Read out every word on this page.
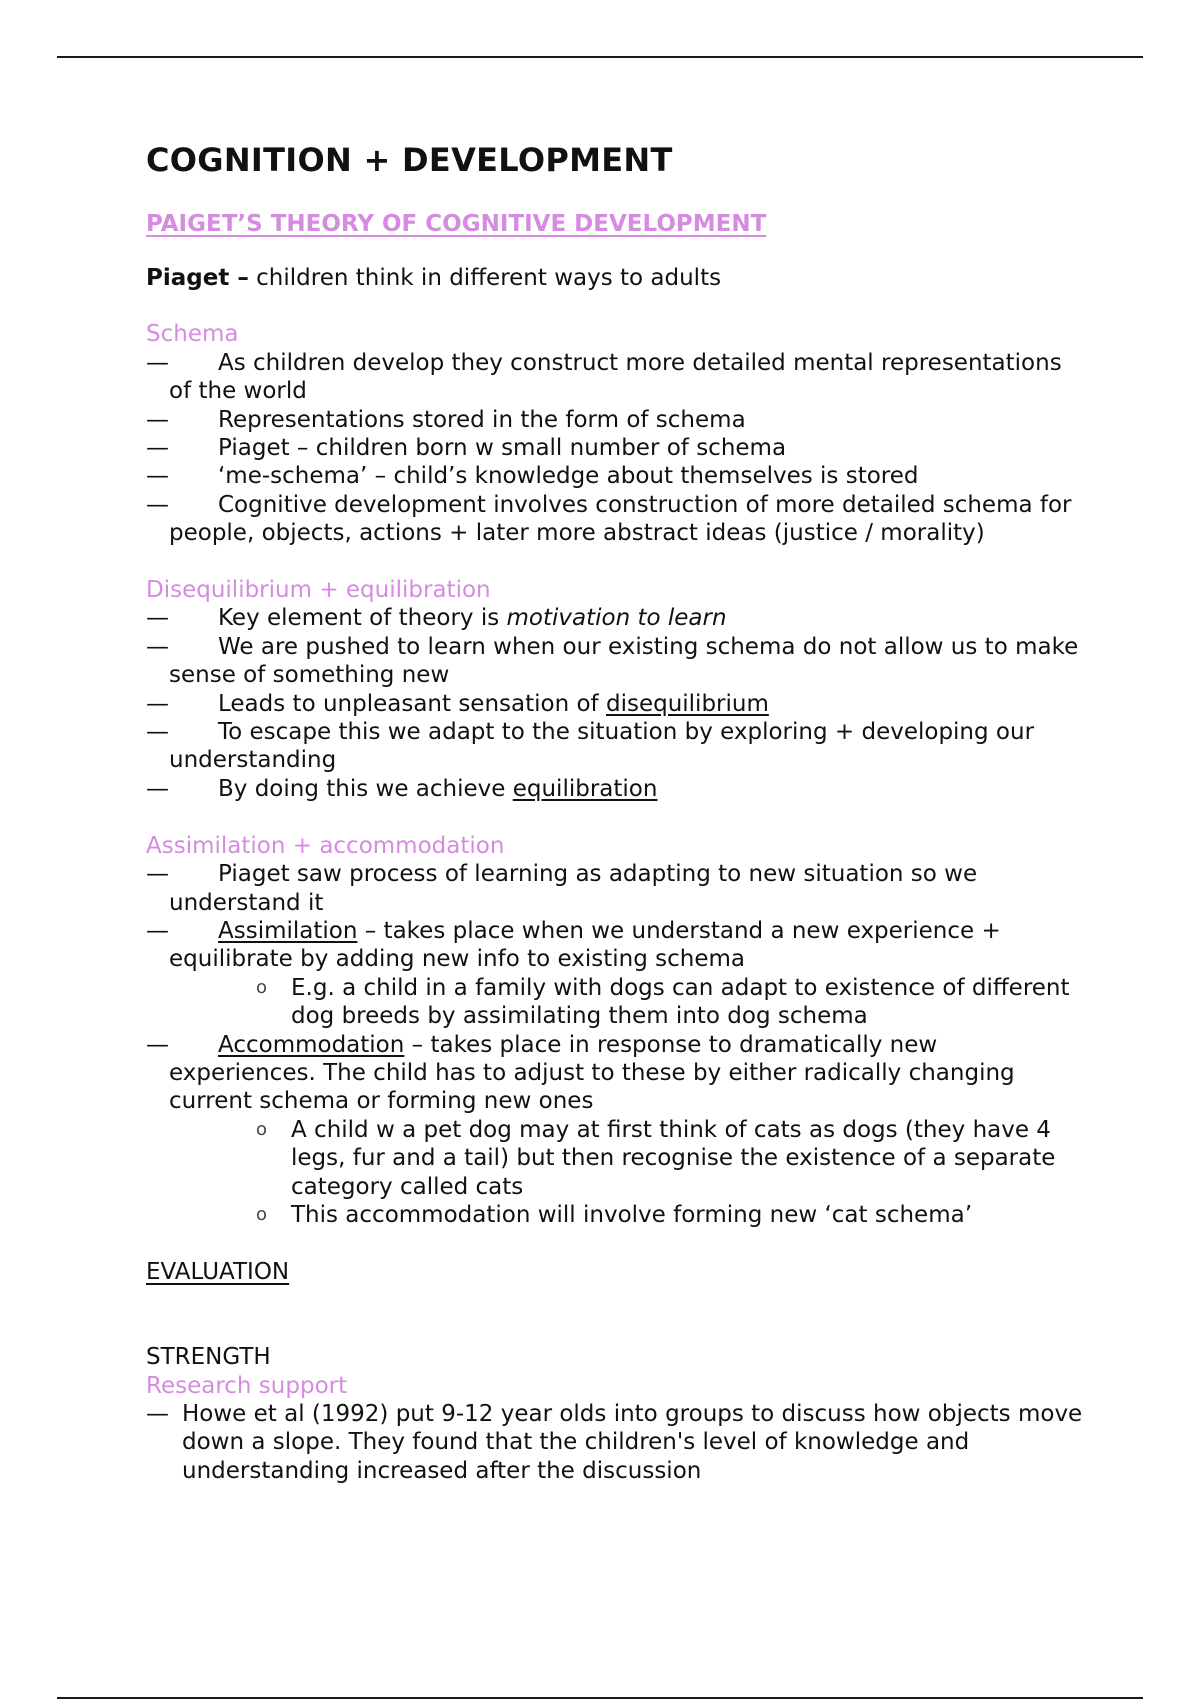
COGNITION + DEVELOPMENT
PAIGET’S THEORY OF COGNITIVE DEVELOPMENT
Piaget – children think in different ways to adults
Schema
— As children develop they construct more detailed mental representations of the world
— Representations stored in the form of schema
— Piaget – children born w small number of schema
— ‘me-schema’ – child’s knowledge about themselves is stored
— Cognitive development involves construction of more detailed schema for people, objects, actions + later more abstract ideas (justice / morality)
Disequilibrium + equilibration
— Key element of theory is motivation to learn
— We are pushed to learn when our existing schema do not allow us to make sense of something new
— Leads to unpleasant sensation of disequilibrium
— To escape this we adapt to the situation by exploring + developing our understanding
— By doing this we achieve equilibration
Assimilation + accommodation
— Piaget saw process of learning as adapting to new situation so we understand it
— Assimilation – takes place when we understand a new experience + equilibrate by adding new info to existing schema
o E.g. a child in a family with dogs can adapt to existence of different dog breeds by assimilating them into dog schema
— Accommodation – takes place in response to dramatically new experiences. The child has to adjust to these by either radically changing current schema or forming new ones
o A child w a pet dog may at first think of cats as dogs (they have 4 legs, fur and a tail) but then recognise the existence of a separate category called cats
o This accommodation will involve forming new ‘cat schema’
EVALUATION
STRENGTH
Research support
— Howe et al (1992) put 9-12 year olds into groups to discuss how objects move down a slope. They found that the children's level of knowledge and understanding increased after the discussion
